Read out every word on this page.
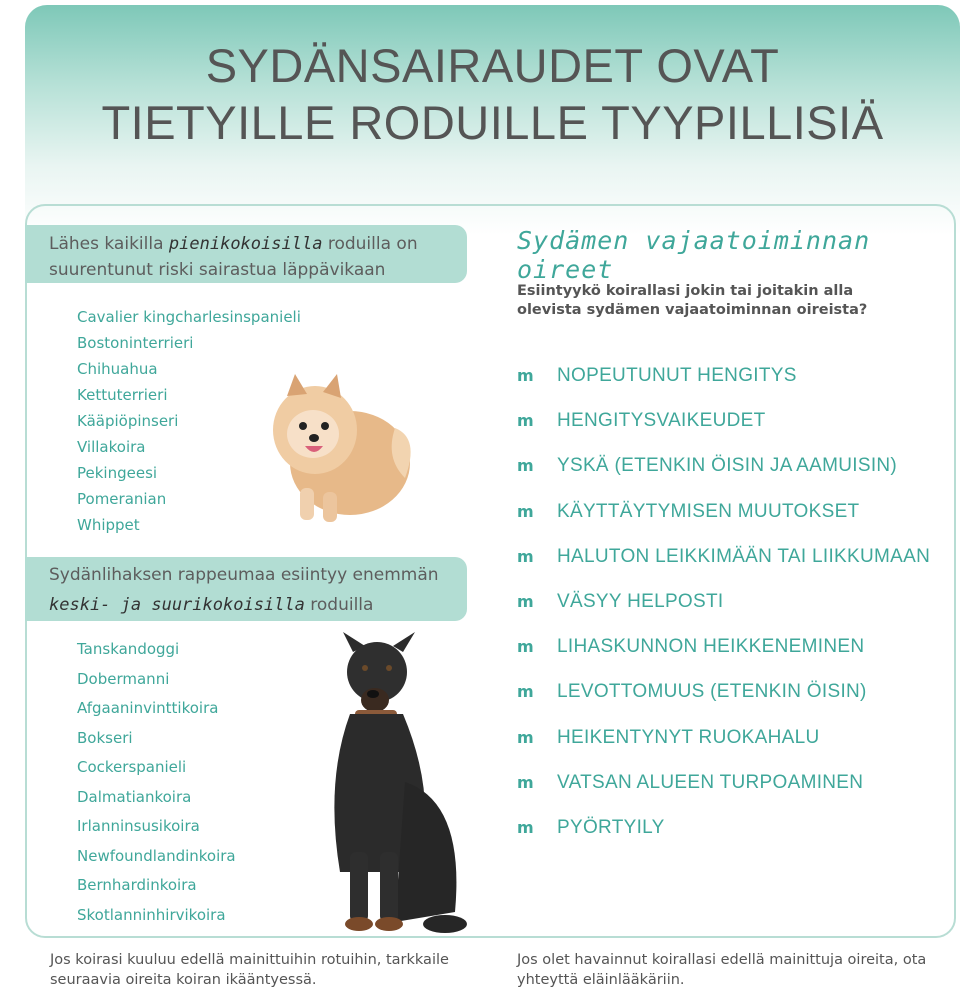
SYDÄNSAIRAUDET OVAT
TIETYILLE RODUILLE TYYPILLISIÄ
Lähes kaikilla pienikokoisilla roduilla on suurentunut riski sairastua läppävikaan
Cavalier kingcharlesinspanieli
Bostoninterrieri
Chihuahua
Kettuterrieri
Kääpiöpinseri
Villakoira
Pekingeesi
Pomeranian
Whippet
Sydänlihaksen rappeumaa esiintyy enemmän keski- ja suurikokoisilla roduilla
Tanskandoggi
Dobermanni
Afgaaninvinttikoira
Bokseri
Cockerspanieli
Dalmatiankoira
Irlanninsusikoira
Newfoundlandinkoira
Bernhardinkoira
Skotlanninhirvikoira
Sydämen vajaatoiminnan oireet
Esiintyykö koirallasi jokin tai joitakin alla olevista sydämen vajaatoiminnan oireista?
m NOPEUTUNUT HENGITYS
m HENGITYSVAIKEUDET
m YSKÄ (ETENKIN ÖISIN JA AAMUISIN)
m KÄYTTÄYTYMISEN MUUTOKSET
m HALUTON LEIKKIMÄÄN TAI LIIKKUMAAN
m VÄSYY HELPOSTI
m LIHASKUNNON HEIKKENEMINEN
m LEVOTTOMUUS (ETENKIN ÖISIN)
m HEIKENTYNYT RUOKAHALU
m VATSAN ALUEEN TURPOAMINEN
m PYÖRTYILY
Jos koirasi kuuluu edellä mainittuihin rotuihin, tarkkaile seuraavia oireita koiran ikääntyessä.
Jos olet havainnut koirallasi edellä mainittuja oireita, ota yhteyttä eläinlääkäriin.
